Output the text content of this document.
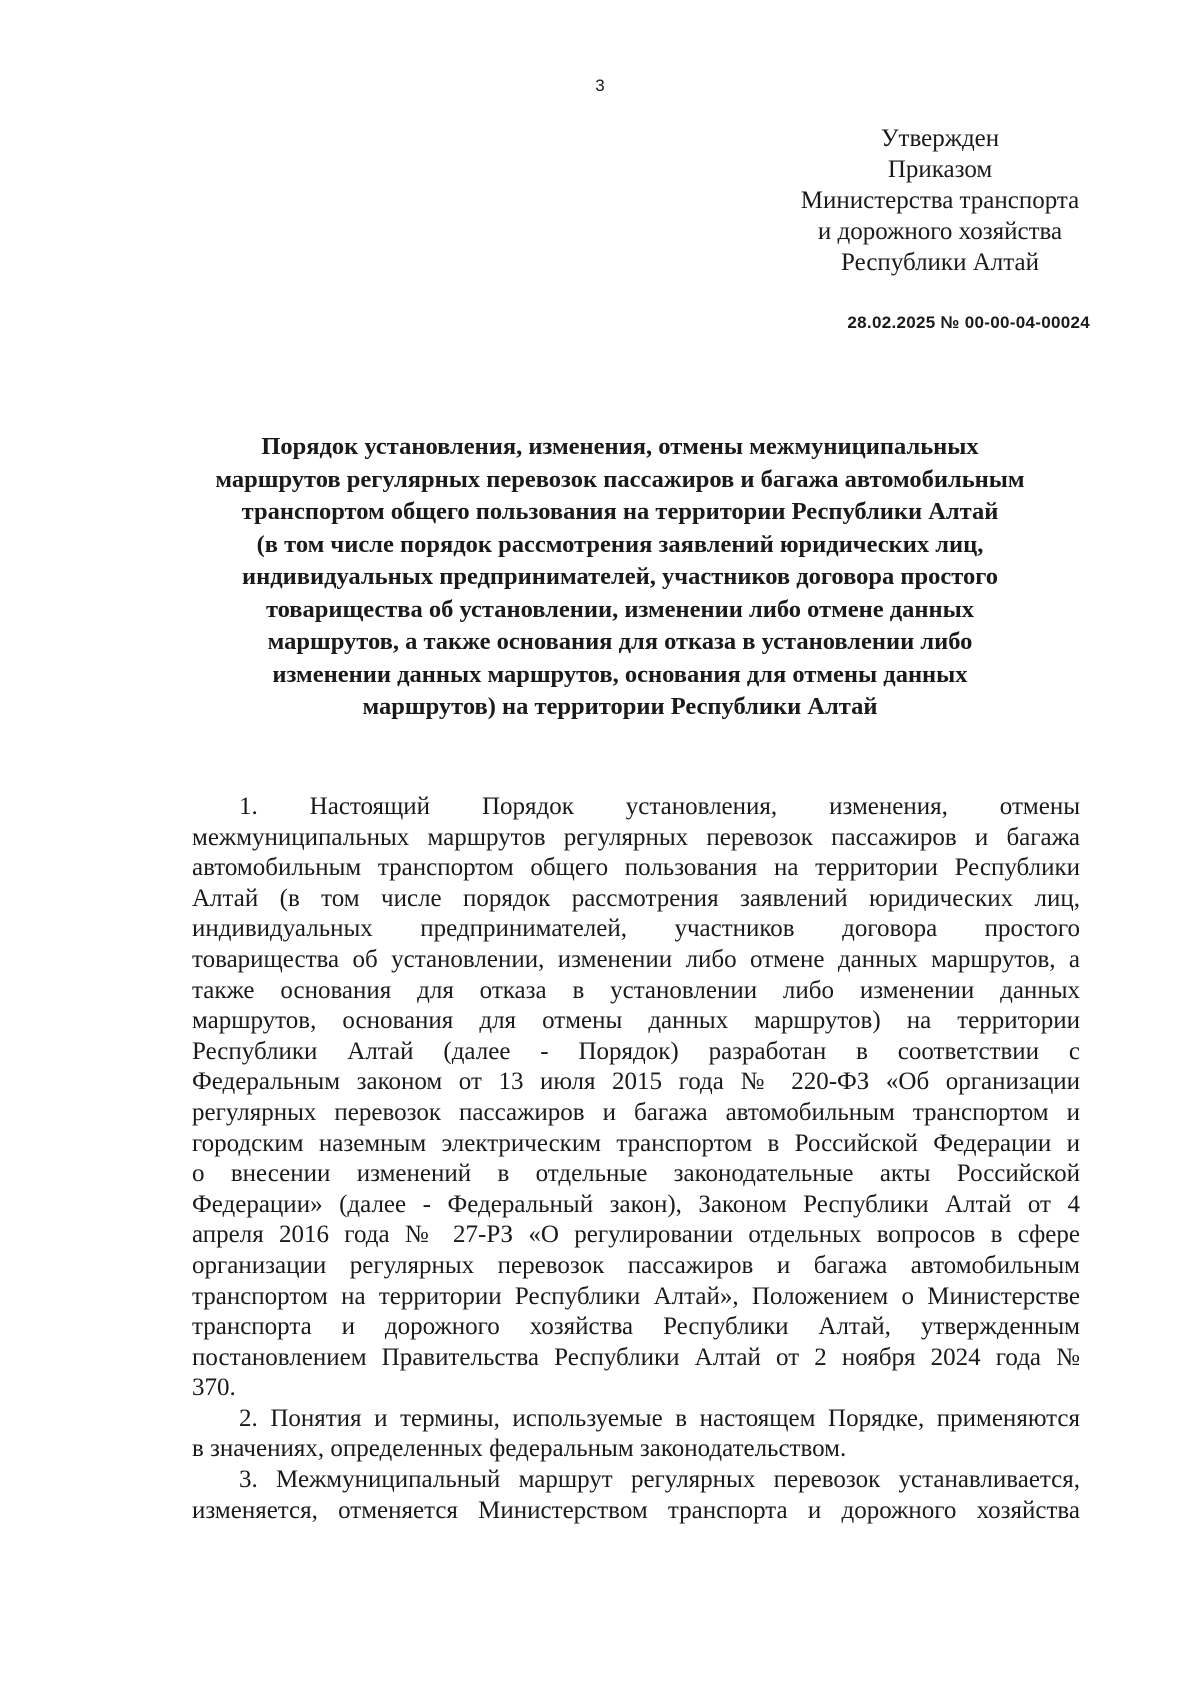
3
Утвержден
Приказом
Министерства транспорта
и дорожного хозяйства
Республики Алтай
28.02.2025 № 00-00-04-00024
Порядок установления, изменения, отмены межмуниципальных
маршрутов регулярных перевозок пассажиров и багажа автомобильным
транспортом общего пользования на территории Республики Алтай
(в том числе порядок рассмотрения заявлений юридических лиц,
индивидуальных предпринимателей, участников договора простого
товарищества об установлении, изменении либо отмене данных
маршрутов, а также основания для отказа в установлении либо
изменении данных маршрутов, основания для отмены данных
маршрутов) на территории Республики Алтай
1. Настоящий Порядок установления, изменения, отмены
межмуниципальных маршрутов регулярных перевозок пассажиров и багажа
автомобильным транспортом общего пользования на территории Республики
Алтай (в том числе порядок рассмотрения заявлений юридических лиц,
индивидуальных предпринимателей, участников договора простого
товарищества об установлении, изменении либо отмене данных маршрутов, а
также основания для отказа в установлении либо изменении данных
маршрутов, основания для отмены данных маршрутов) на территории
Республики Алтай (далее - Порядок) разработан в соответствии с
Федеральным законом от 13 июля 2015 года № 220-ФЗ «Об организации
регулярных перевозок пассажиров и багажа автомобильным транспортом и
городским наземным электрическим транспортом в Российской Федерации и
о внесении изменений в отдельные законодательные акты Российской
Федерации» (далее - Федеральный закон), Законом Республики Алтай от 4
апреля 2016 года № 27-РЗ «О регулировании отдельных вопросов в сфере
организации регулярных перевозок пассажиров и багажа автомобильным
транспортом на территории Республики Алтай», Положением о Министерстве
транспорта и дорожного хозяйства Республики Алтай, утвержденным
постановлением Правительства Республики Алтай от 2 ноября 2024 года №
370.
2. Понятия и термины, используемые в настоящем Порядке, применяются
в значениях, определенных федеральным законодательством.
3. Межмуниципальный маршрут регулярных перевозок устанавливается,
изменяется, отменяется Министерством транспорта и дорожного хозяйства
